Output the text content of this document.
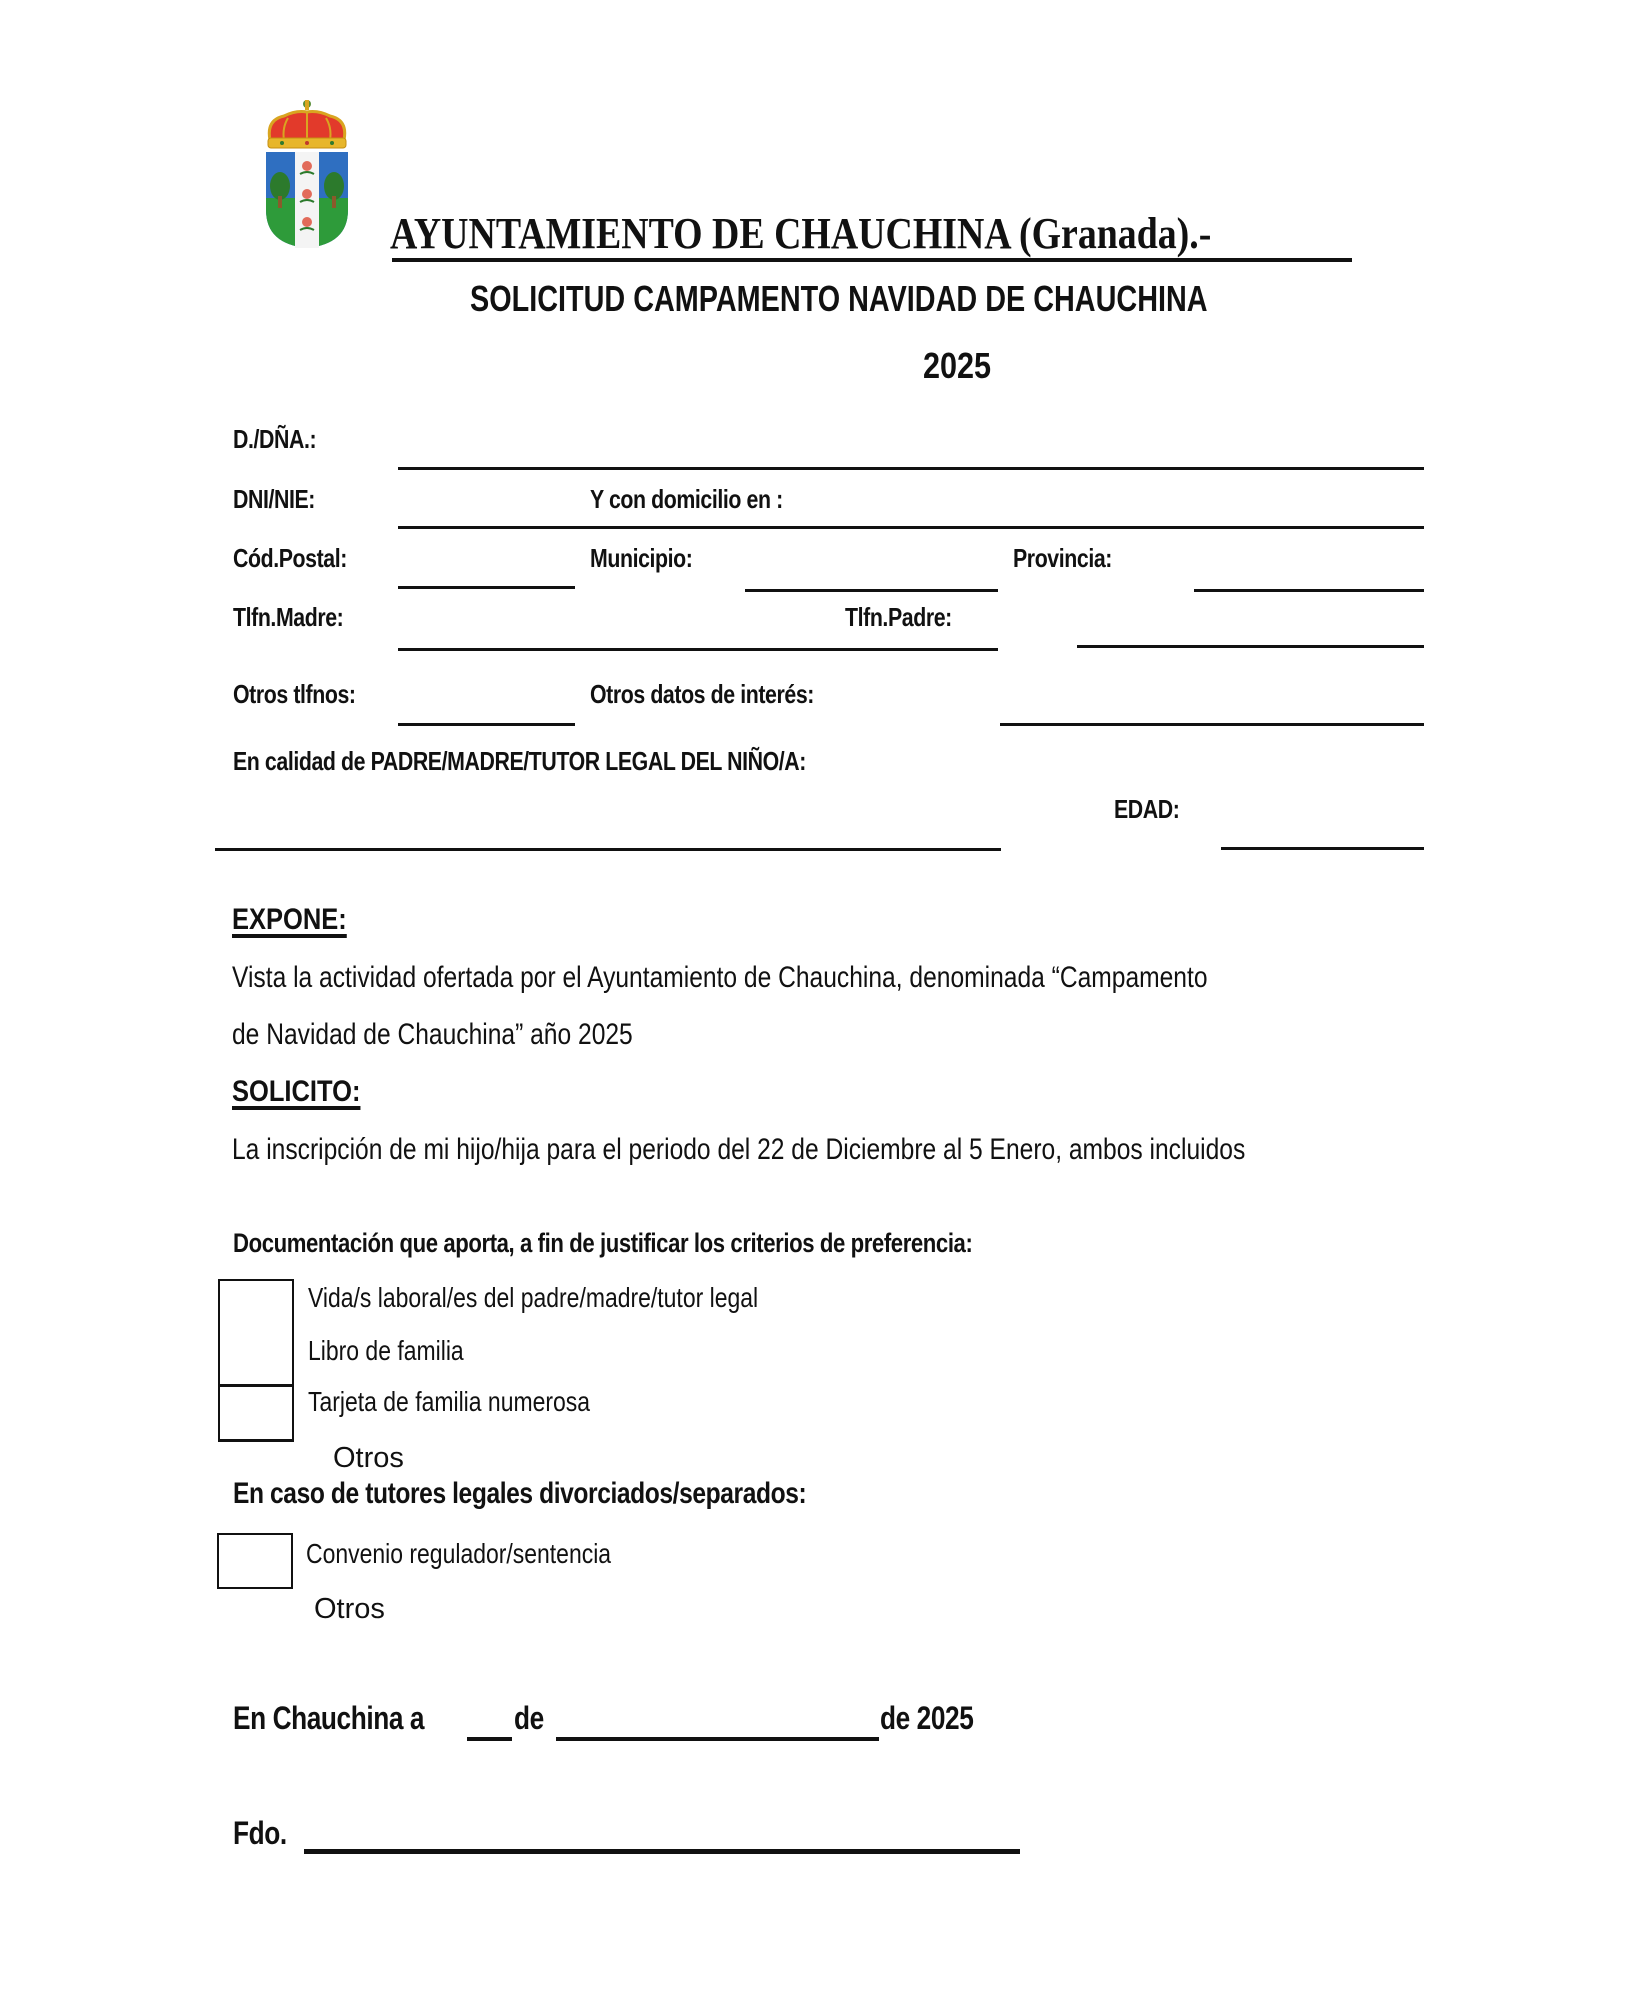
AYUNTAMIENTO DE CHAUCHINA (Granada).-
SOLICITUD CAMPAMENTO NAVIDAD DE CHAUCHINA
2025
D./DÑA.:
DNI/NIE:	Y con domicilio en :
Cód.Postal:	Municipio:	Provincia:
Tlfn.Madre:	Tlfn.Padre:
Otros tlfnos:	Otros datos de interés:
En calidad de PADRE/MADRE/TUTOR LEGAL DEL NIÑO/A:
EDAD:
EXPONE:
Vista la actividad ofertada por el Ayuntamiento de Chauchina, denominada “Campamento
de Navidad de Chauchina” año 2025
SOLICITO:
La inscripción de mi hijo/hija para el periodo del 22 de Diciembre al 5 Enero, ambos incluidos
Documentación que aporta, a fin de justificar los criterios de preferencia:
Vida/s laboral/es del padre/madre/tutor legal
Libro de familia
Tarjeta de familia numerosa
Otros
En caso de tutores legales divorciados/separados:
Convenio regulador/sentencia
Otros
En Chauchina a	de	de 2025
Fdo.
